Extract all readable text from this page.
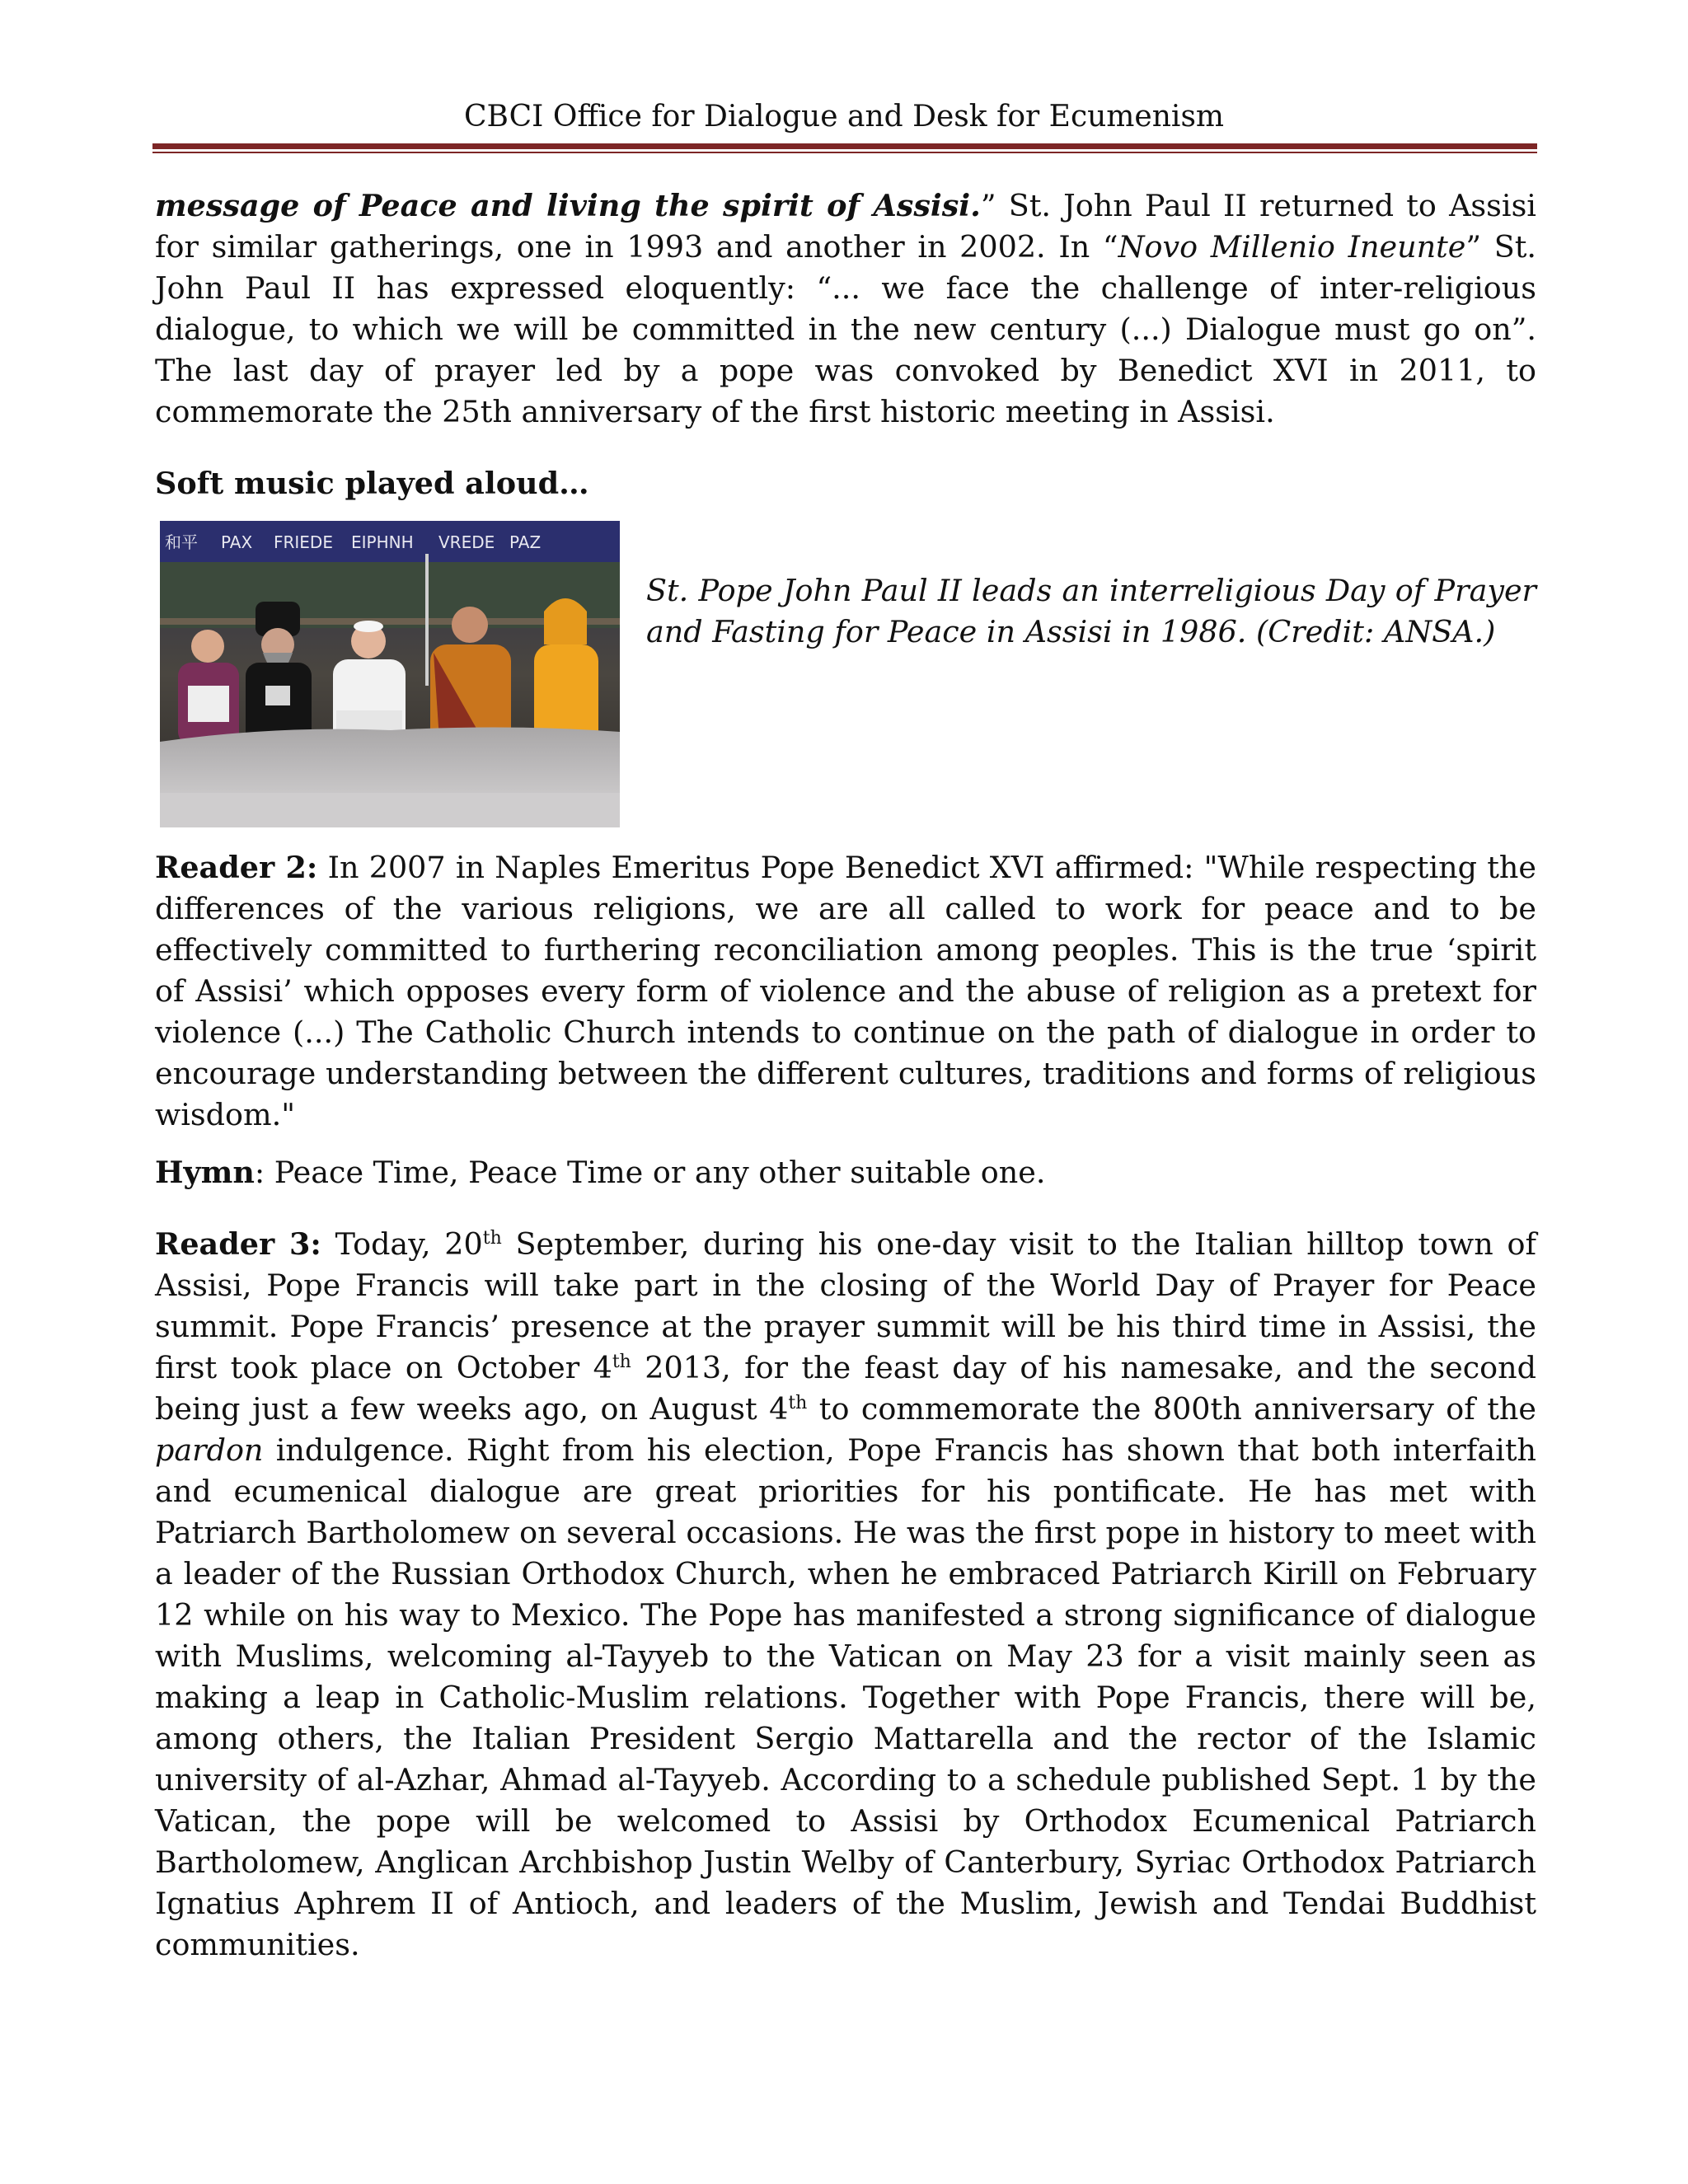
CBCI Office for Dialogue and Desk for Ecumenism

message of Peace and living the spirit of Assisi.” St. John Paul II returned to Assisi for similar gatherings, one in 1993 and another in 2002. In “Novo Millenio Ineunte” St. John Paul II has expressed eloquently: “... we face the challenge of inter-religious dialogue, to which we will be committed in the new century (...) Dialogue must go on”. The last day of prayer led by a pope was convoked by Benedict XVI in 2011, to commemorate the 25th anniversary of the first historic meeting in Assisi.

Soft music played aloud…

和平 PAX FRIEDE EIPHNH VREDE PAZ
St. Pope John Paul II leads an interreligious Day of Prayer and Fasting for Peace in Assisi in 1986. (Credit: ANSA.)

Reader 2: In 2007 in Naples Emeritus Pope Benedict XVI affirmed: "While respecting the differences of the various religions, we are all called to work for peace and to be effectively committed to furthering reconciliation among peoples. This is the true ‘spirit of Assisi’ which opposes every form of violence and the abuse of religion as a pretext for violence (...) The Catholic Church intends to continue on the path of dialogue in order to encourage understanding between the different cultures, traditions and forms of religious wisdom."

Hymn: Peace Time, Peace Time or any other suitable one.

Reader 3: Today, 20th September, during his one-day visit to the Italian hilltop town of Assisi, Pope Francis will take part in the closing of the World Day of Prayer for Peace summit. Pope Francis’ presence at the prayer summit will be his third time in Assisi, the first took place on October 4th 2013, for the feast day of his namesake, and the second being just a few weeks ago, on August 4th to commemorate the 800th anniversary of the pardon indulgence. Right from his election, Pope Francis has shown that both interfaith and ecumenical dialogue are great priorities for his pontificate. He has met with Patriarch Bartholomew on several occasions. He was the first pope in history to meet with a leader of the Russian Orthodox Church, when he embraced Patriarch Kirill on February 12 while on his way to Mexico. The Pope has manifested a strong significance of dialogue with Muslims, welcoming al-Tayyeb to the Vatican on May 23 for a visit mainly seen as making a leap in Catholic-Muslim relations. Together with Pope Francis, there will be, among others, the Italian President Sergio Mattarella and the rector of the Islamic university of al-Azhar, Ahmad al-Tayyeb. According to a schedule published Sept. 1 by the Vatican, the pope will be welcomed to Assisi by Orthodox Ecumenical Patriarch Bartholomew, Anglican Archbishop Justin Welby of Canterbury, Syriac Orthodox Patriarch Ignatius Aphrem II of Antioch, and leaders of the Muslim, Jewish and Tendai Buddhist communities.
